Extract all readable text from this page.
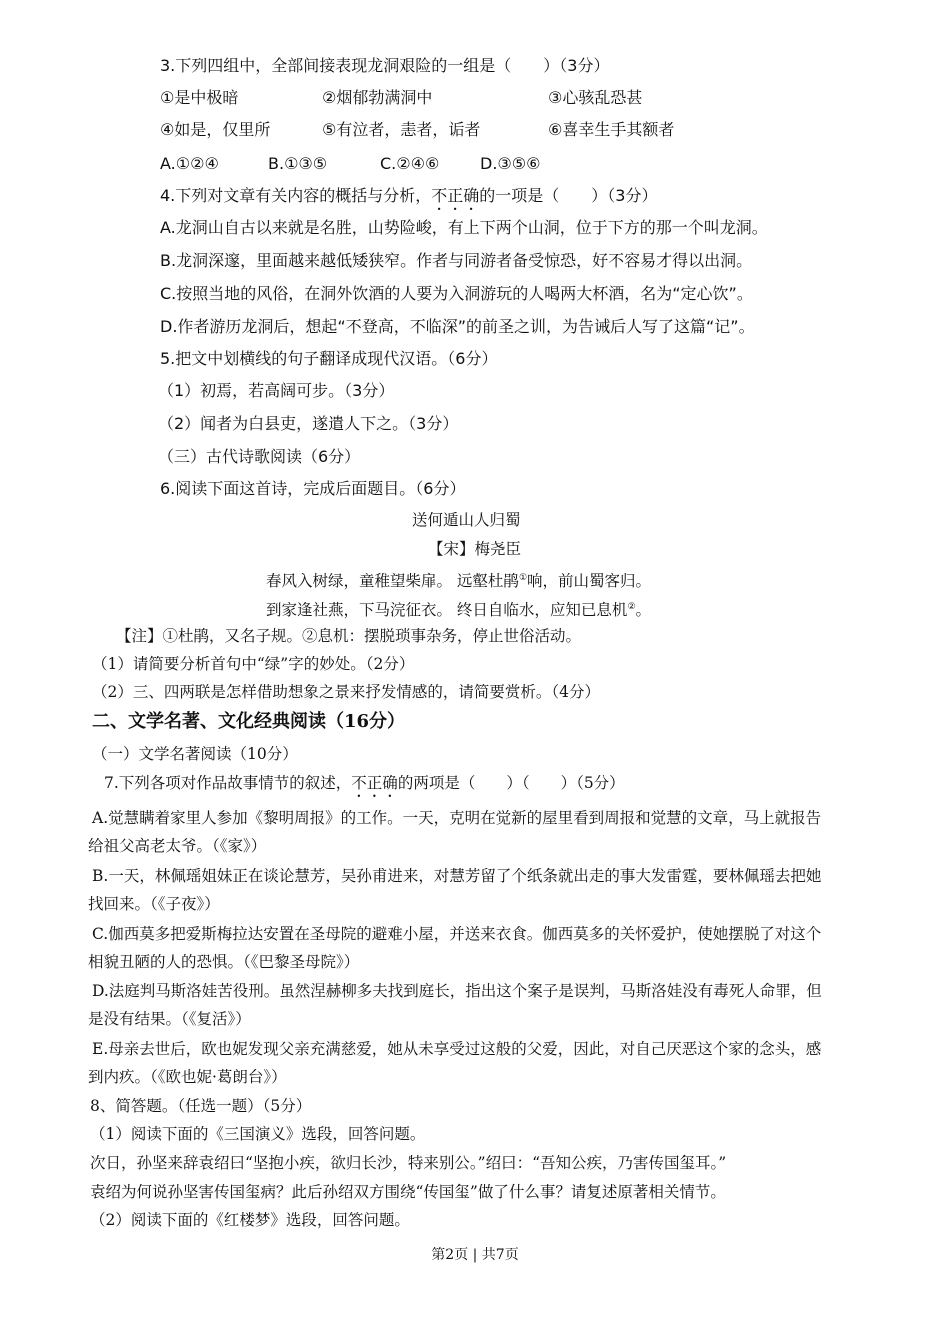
3.下列四组中，全部间接表现龙洞艰险的一组是（　　）（3分）
①是中极暗	②烟郁勃满洞中	③心骇乱恐甚
④如是，仅里所	⑤有泣者，恚者，诟者	⑥喜幸生手其额者
A.①②④	B.①③⑤	C.②④⑥	D.③⑤⑥
4.下列对文章有关内容的概括与分析，不正确的一项是（　　）（3分）
A.龙洞山自古以来就是名胜，山势险峻，有上下两个山洞，位于下方的那一个叫龙洞。
B.龙洞深邃，里面越来越低矮狭窄。作者与同游者备受惊恐，好不容易才得以出洞。
C.按照当地的风俗，在洞外饮酒的人要为入洞游玩的人喝两大杯酒，名为“定心饮”。
D.作者游历龙洞后，想起“不登高，不临深”的前圣之训，为告诫后人写了这篇“记”。
5.把文中划横线的句子翻译成现代汉语。（6分）
（1）初焉，若高阔可步。（3分）
（2）闻者为白县吏，遂遣人下之。（3分）
（三）古代诗歌阅读（6分）
6.阅读下面这首诗，完成后面题目。（6分）
送何遁山人归蜀
【宋】梅尧臣
春风入树绿，童稚望柴扉。 远壑杜鹃①响，前山蜀客归。
到家逢社燕，下马浣征衣。 终日自临水，应知已息机②。
【注】①杜鹃，又名子规。②息机：摆脱琐事杂务，停止世俗活动。
（1）请简要分析首句中“绿”字的妙处。（2分）
（2）三、四两联是怎样借助想象之景来抒发情感的，请简要赏析。（4分）
二、文学名著、文化经典阅读（16分）
（一）文学名著阅读（10分）
7.下列各项对作品故事情节的叙述，不正确的两项是（　　）（　　）（5分）
A.觉慧瞒着家里人参加《黎明周报》的工作。一天，克明在觉新的屋里看到周报和觉慧的文章，马上就报告
给祖父高老太爷。（《家》）
B.一天，林佩瑶姐妹正在谈论慧芳，吴孙甫进来，对慧芳留了个纸条就出走的事大发雷霆，要林佩瑶去把她
找回来。（《子夜》）
C.伽西莫多把爱斯梅拉达安置在圣母院的避难小屋，并送来衣食。伽西莫多的关怀爱护，使她摆脱了对这个
相貌丑陋的人的恐惧。（《巴黎圣母院》）
D.法庭判马斯洛娃苦役刑。虽然涅赫柳多夫找到庭长，指出这个案子是误判，马斯洛娃没有毒死人命罪，但
是没有结果。（《复活》）
E.母亲去世后，欧也妮发现父亲充满慈爱，她从未享受过这般的父爱，因此，对自己厌恶这个家的念头，感
到内疚。（《欧也妮·葛朗台》）
8、简答题。（任选一题）（5分）
（1）阅读下面的《三国演义》选段，回答问题。
次日，孙坚来辞袁绍曰“坚抱小疾，欲归长沙，特来别公。”绍曰：“吾知公疾，乃害传国玺耳。”
袁绍为何说孙坚害传国玺病？此后孙绍双方围绕“传国玺”做了什么事？请复述原著相关情节。
（2）阅读下面的《红楼梦》选段，回答问题。
第2页 | 共7页
